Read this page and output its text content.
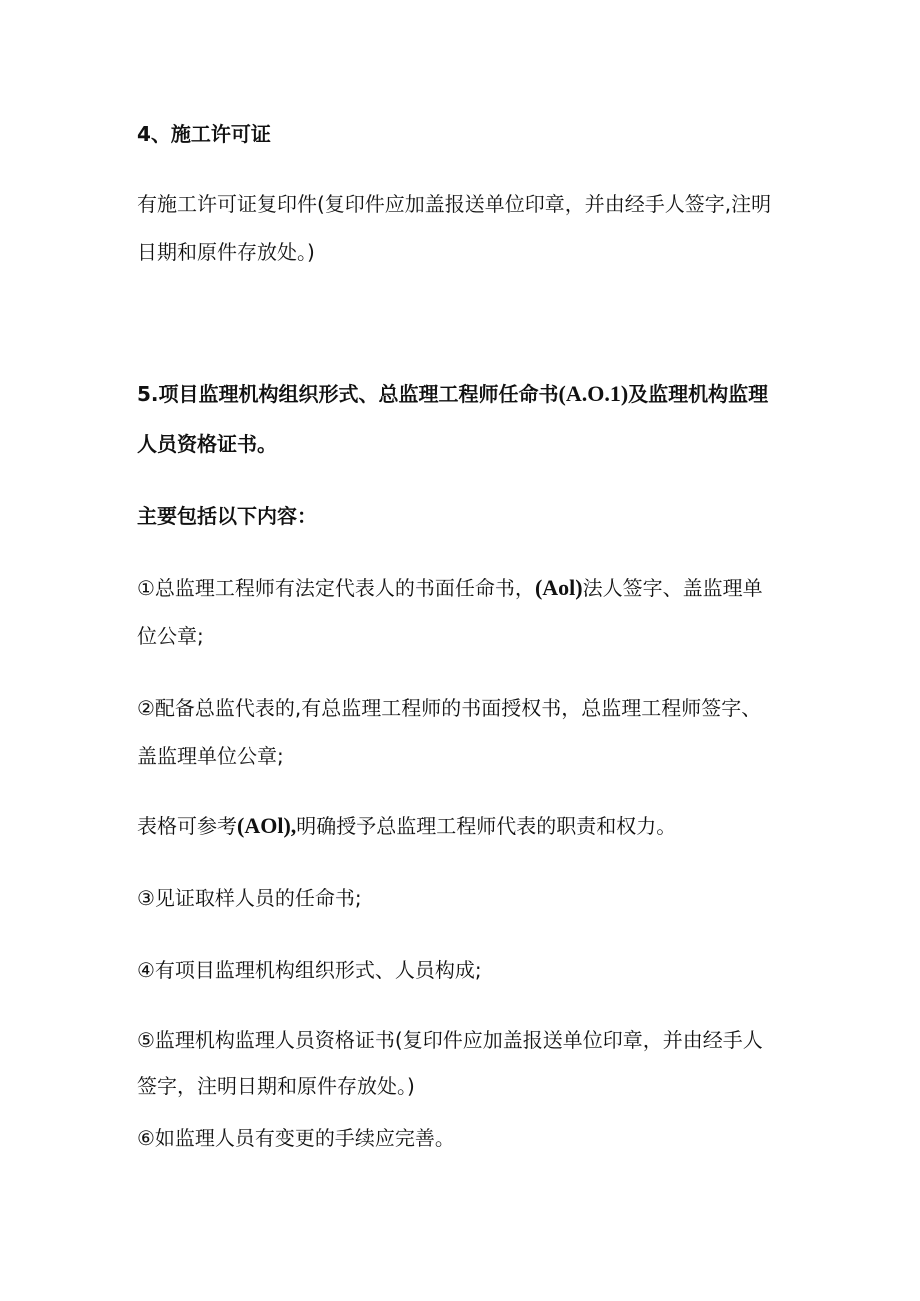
4、施工许可证

有施工许可证复印件(复印件应加盖报送单位印章，并由经手人签字,注明

日期和原件存放处。)

5.项目监理机构组织形式、总监理工程师任命书(A.O.1)及监理机构监理

人员资格证书。

主要包括以下内容：

①总监理工程师有法定代表人的书面任命书，(Aol)法人签字、盖监理单

位公章;

②配备总监代表的,有总监理工程师的书面授权书，总监理工程师签字、

盖监理单位公章;

表格可参考(AOl),明确授予总监理工程师代表的职责和权力。

③见证取样人员的任命书;

④有项目监理机构组织形式、人员构成;

⑤监理机构监理人员资格证书(复印件应加盖报送单位印章，并由经手人

签字，注明日期和原件存放处。)

⑥如监理人员有变更的手续应完善。
